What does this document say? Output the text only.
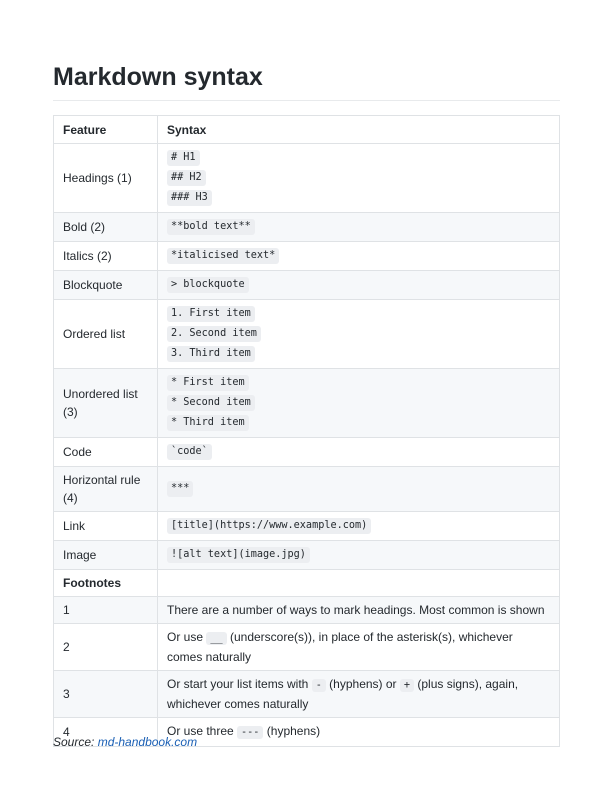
Markdown syntax
Feature	Syntax
Headings (1)	# H1
## H2
### H3

Bold (2)	**bold text**

Italics (2)	*italicised text*

Blockquote	> blockquote

Ordered list	1. First item
2. Second item
3. Third item

Unordered list (3)	* First item
* Second item
* Third item

Code	`code`

Horizontal rule (4)	***

Link	[title](https://www.example.com)

Image	![alt text](image.jpg)

Footnotes	
1	There are a number of ways to mark headings. Most common is shown
2	Or use __ (underscore(s)), in place of the asterisk(s), whichever comes naturally
3	Or start your list items with - (hyphens) or + (plus signs), again, whichever comes naturally
4	Or use three --- (hyphens)
Source: md-handbook.com
